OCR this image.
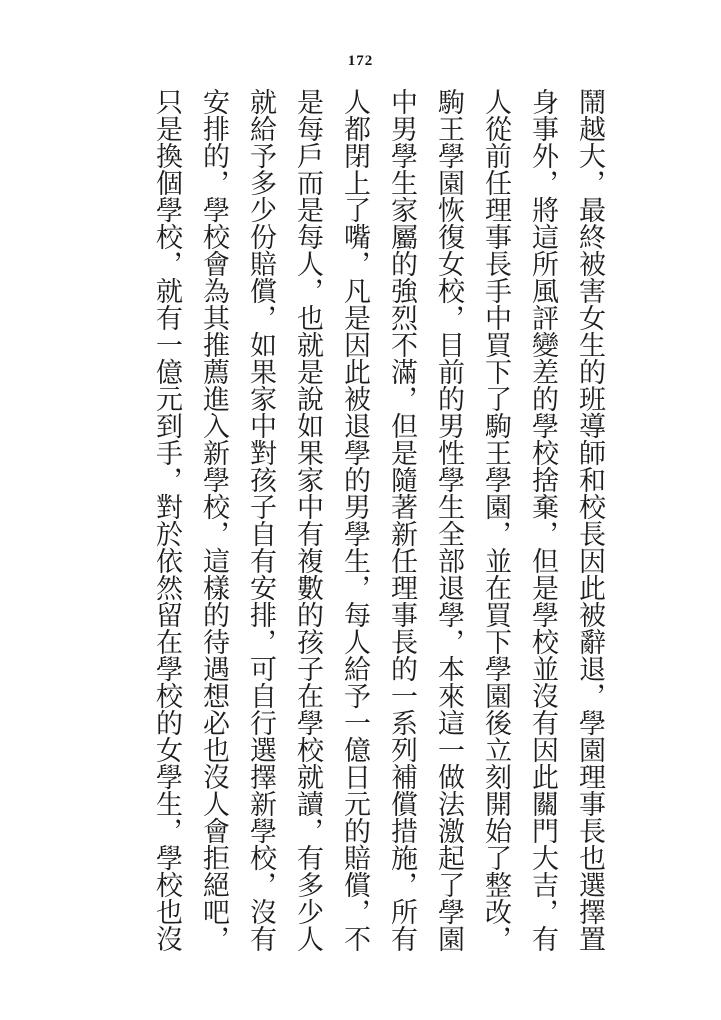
172

鬧越大，最終被害女生的班導師和校長因此被辭退，學園理事長也選擇置

身事外，將這所風評變差的學校捨棄，但是學校並沒有因此關門大吉，有

人從前任理事長手中買下了駒王學園，並在買下學園後立刻開始了整改，

駒王學園恢復女校，目前的男性學生全部退學，本來這一做法激起了學園

中男學生家屬的強烈不滿，但是隨著新任理事長的一系列補償措施，所有

人都閉上了嘴，凡是因此被退學的男學生，每人給予一億日元的賠償，不

是每戶而是每人，也就是說如果家中有複數的孩子在學校就讀，有多少人

就給予多少份賠償，如果家中對孩子自有安排，可自行選擇新學校，沒有

安排的，學校會為其推薦進入新學校，這樣的待遇想必也沒人會拒絕吧，

只是換個學校，就有一億元到手，對於依然留在學校的女學生，學校也沒
